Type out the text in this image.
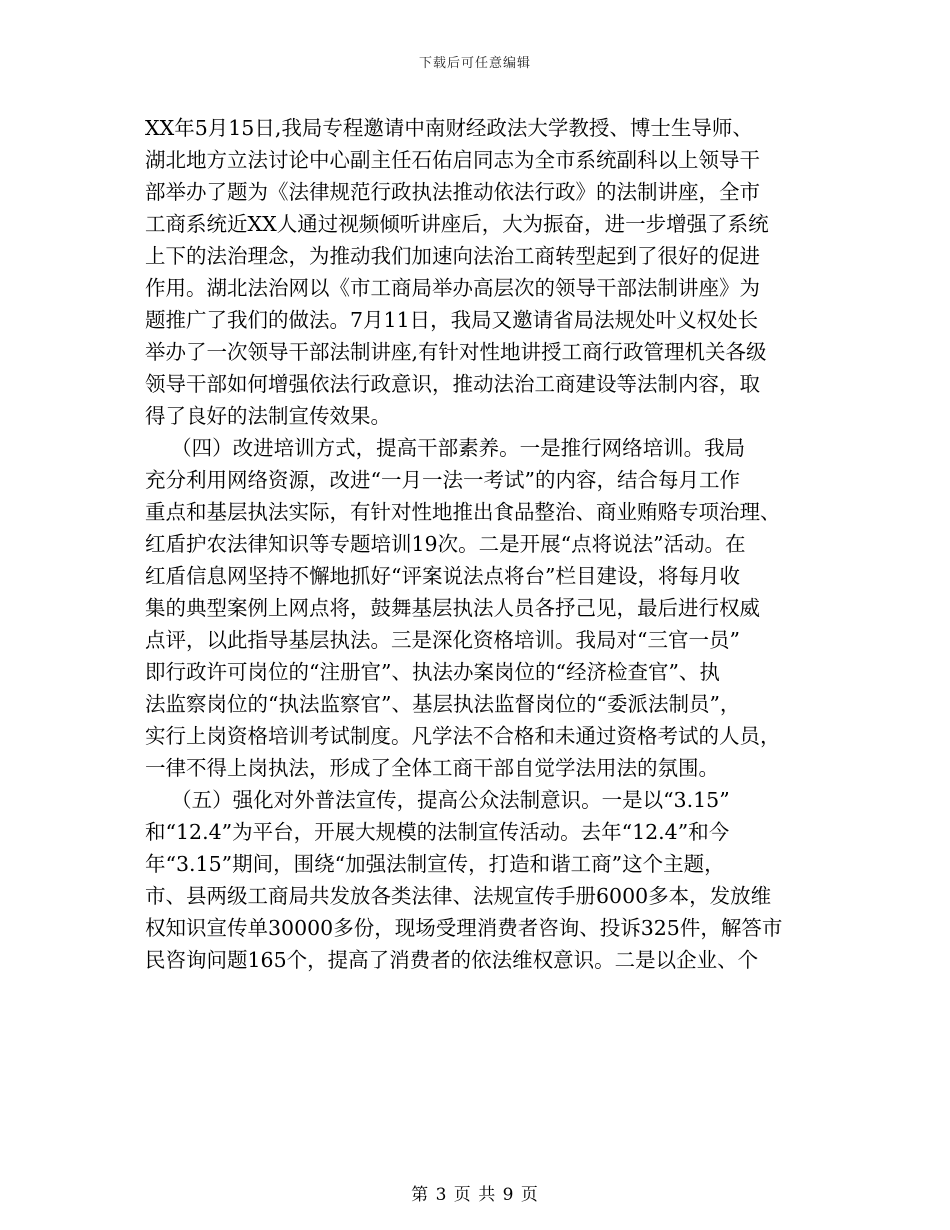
下载后可任意编辑
XX年5月15日,我局专程邀请中南财经政法大学教授、博士生导师、
湖北地方立法讨论中心副主任石佑启同志为全市系统副科以上领导干
部举办了题为《法律规范行政执法推动依法行政》的法制讲座，全市
工商系统近XX人通过视频倾听讲座后，大为振奋，进一步增强了系统
上下的法治理念，为推动我们加速向法治工商转型起到了很好的促进
作用。湖北法治网以《市工商局举办高层次的领导干部法制讲座》为
题推广了我们的做法。7月11日，我局又邀请省局法规处叶义权处长
举办了一次领导干部法制讲座,有针对性地讲授工商行政管理机关各级
领导干部如何增强依法行政意识，推动法治工商建设等法制内容，取
得了良好的法制宣传效果。
（四）改进培训方式，提高干部素养。一是推行网络培训。我局
充分利用网络资源，改进“一月一法一考试”的内容，结合每月工作
重点和基层执法实际，有针对性地推出食品整治、商业贿赂专项治理、
红盾护农法律知识等专题培训19次。二是开展“点将说法”活动。在
红盾信息网坚持不懈地抓好“评案说法点将台”栏目建设，将每月收
集的典型案例上网点将，鼓舞基层执法人员各抒己见，最后进行权威
点评，以此指导基层执法。三是深化资格培训。我局对“三官一员”
即行政许可岗位的“注册官”、执法办案岗位的“经济检查官”、执
法监察岗位的“执法监察官”、基层执法监督岗位的“委派法制员”，
实行上岗资格培训考试制度。凡学法不合格和未通过资格考试的人员，
一律不得上岗执法，形成了全体工商干部自觉学法用法的氛围。
（五）强化对外普法宣传，提高公众法制意识。一是以“3.15”
和“12.4”为平台，开展大规模的法制宣传活动。去年“12.4”和今
年“3.15”期间，围绕“加强法制宣传，打造和谐工商”这个主题，
市、县两级工商局共发放各类法律、法规宣传手册6000多本，发放维
权知识宣传单30000多份，现场受理消费者咨询、投诉325件，解答市
民咨询问题165个，提高了消费者的依法维权意识。二是以企业、个
第 3 页 共 9 页
